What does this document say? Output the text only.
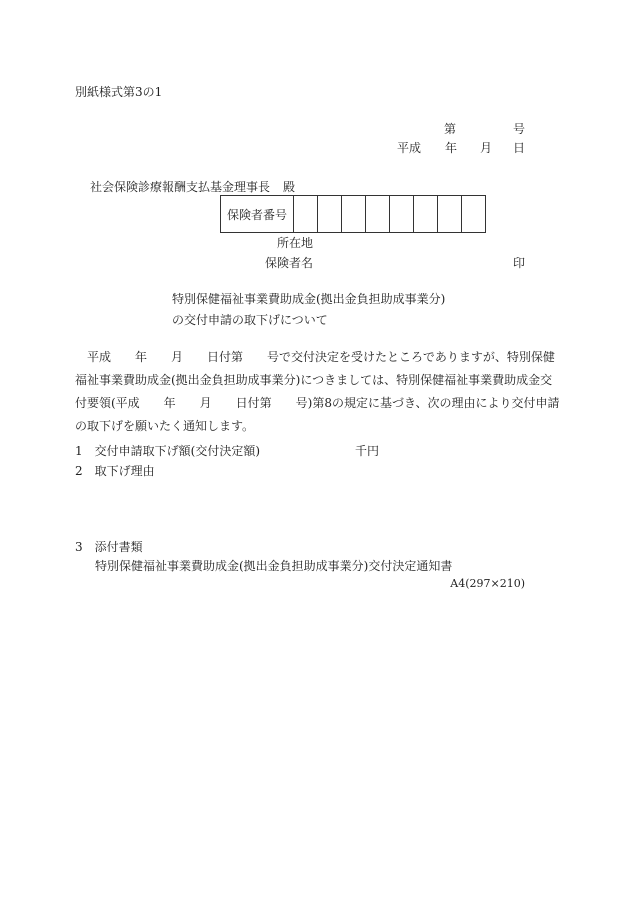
別紙様式第3の1
第	号
平成 年 月 日
社会保険診療報酬支払基金理事長 殿
保険者番号								
所在地
保険者名	印
特別保健福祉事業費助成金(拠出金負担助成事業分)
の交付申請の取下げについて
　平成　　年　　月　　日付第　　号で交付決定を受けたところでありますが、特別保健
福祉事業費助成金(拠出金負担助成事業分)につきましては、特別保健福祉事業費助成金交
付要領(平成　　年　　月　　日付第　　号)第8の規定に基づき、次の理由により交付申請
の取下げを願いたく通知します。
1　交付申請取下げ額(交付決定額)	千円
2　取下げ理由
3　添付書類
特別保健福祉事業費助成金(拠出金負担助成事業分)交付決定通知書
A4(297×210)
